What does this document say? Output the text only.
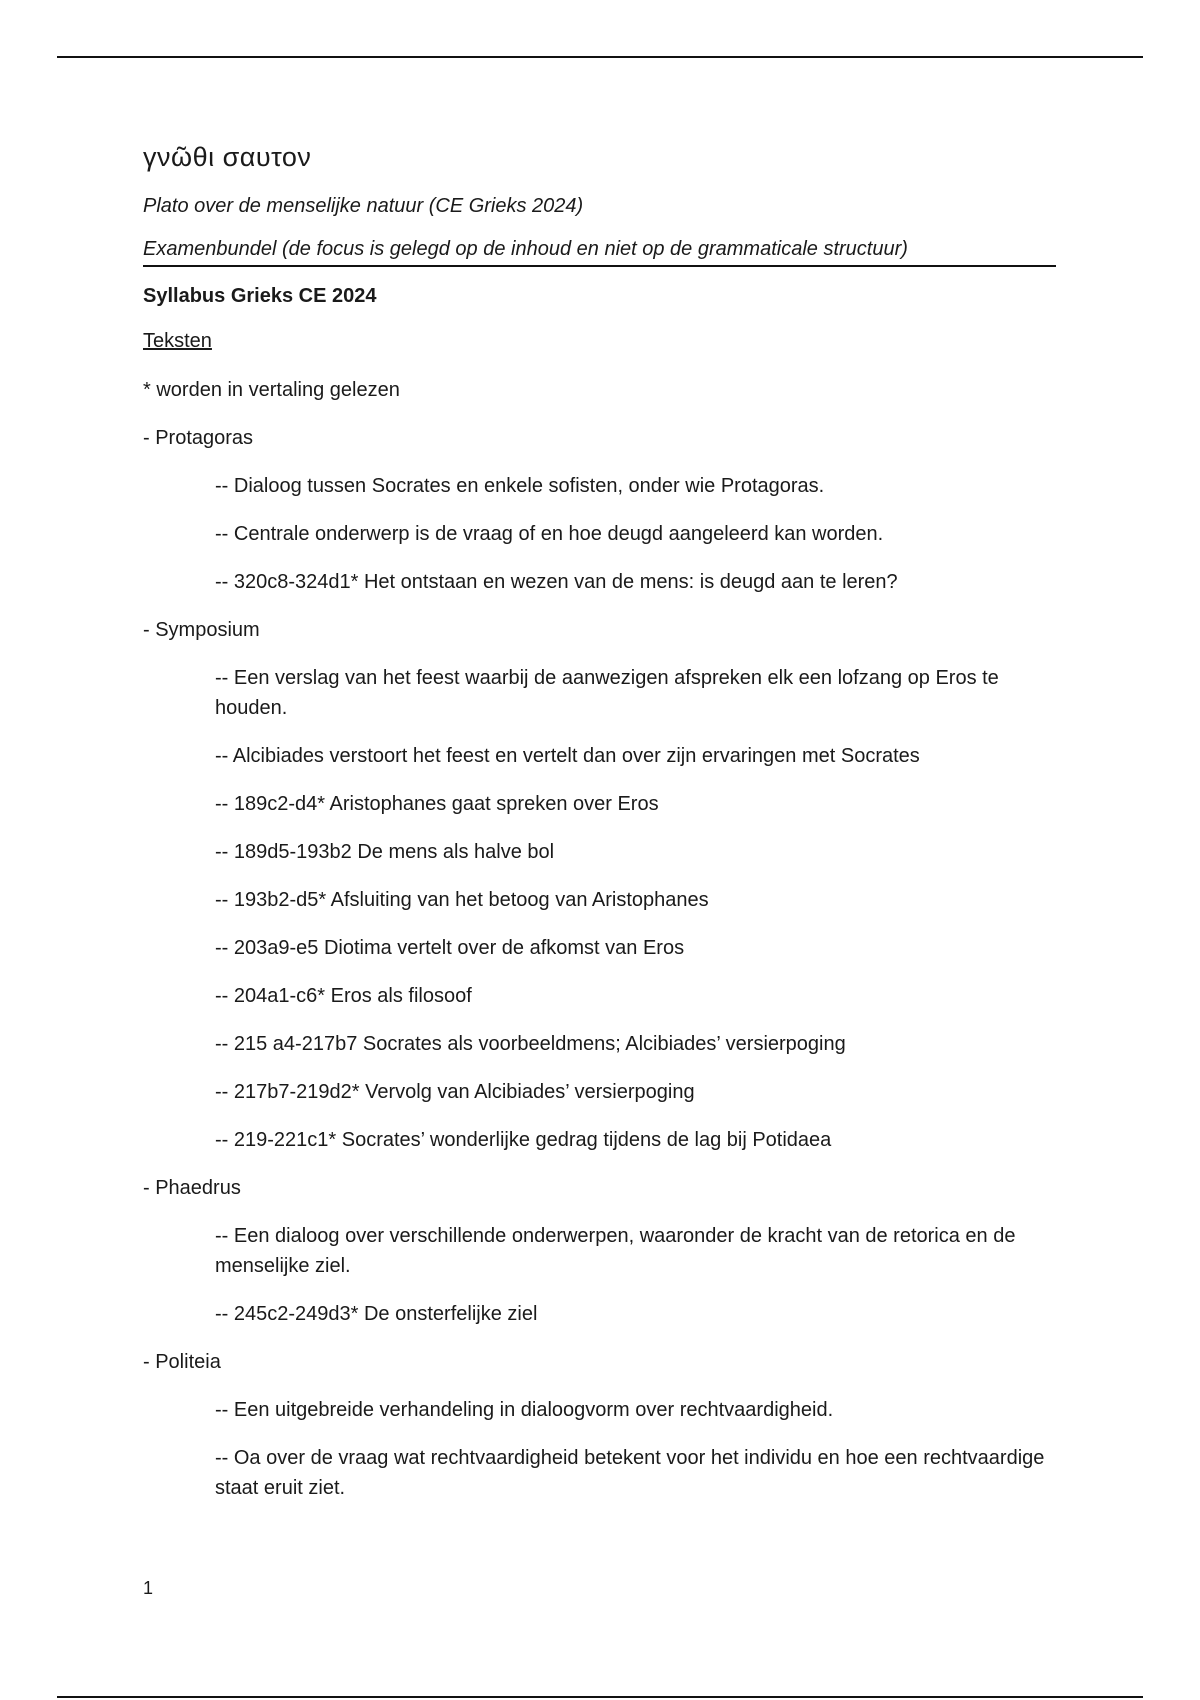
γνῶθι σαυτον
Plato over de menselijke natuur (CE Grieks 2024)
Examenbundel (de focus is gelegd op de inhoud en niet op de grammaticale structuur)
Syllabus Grieks CE 2024
Teksten
* worden in vertaling gelezen
- Protagoras
-- Dialoog tussen Socrates en enkele sofisten, onder wie Protagoras.
-- Centrale onderwerp is de vraag of en hoe deugd aangeleerd kan worden.
-- 320c8-324d1* Het ontstaan en wezen van de mens: is deugd aan te leren?
- Symposium
-- Een verslag van het feest waarbij de aanwezigen afspreken elk een lofzang op Eros te houden.
-- Alcibiades verstoort het feest en vertelt dan over zijn ervaringen met Socrates
-- 189c2-d4* Aristophanes gaat spreken over Eros
-- 189d5-193b2 De mens als halve bol
-- 193b2-d5* Afsluiting van het betoog van Aristophanes
-- 203a9-e5 Diotima vertelt over de afkomst van Eros
-- 204a1-c6* Eros als filosoof
-- 215 a4-217b7 Socrates als voorbeeldmens; Alcibiades’ versierpoging
-- 217b7-219d2* Vervolg van Alcibiades’ versierpoging
-- 219-221c1* Socrates’ wonderlijke gedrag tijdens de lag bij Potidaea
- Phaedrus
-- Een dialoog over verschillende onderwerpen, waaronder de kracht van de retorica en de menselijke ziel.
-- 245c2-249d3* De onsterfelijke ziel
- Politeia
-- Een uitgebreide verhandeling in dialoogvorm over rechtvaardigheid.
-- Oa over de vraag wat rechtvaardigheid betekent voor het individu en hoe een rechtvaardige staat eruit ziet.
1
